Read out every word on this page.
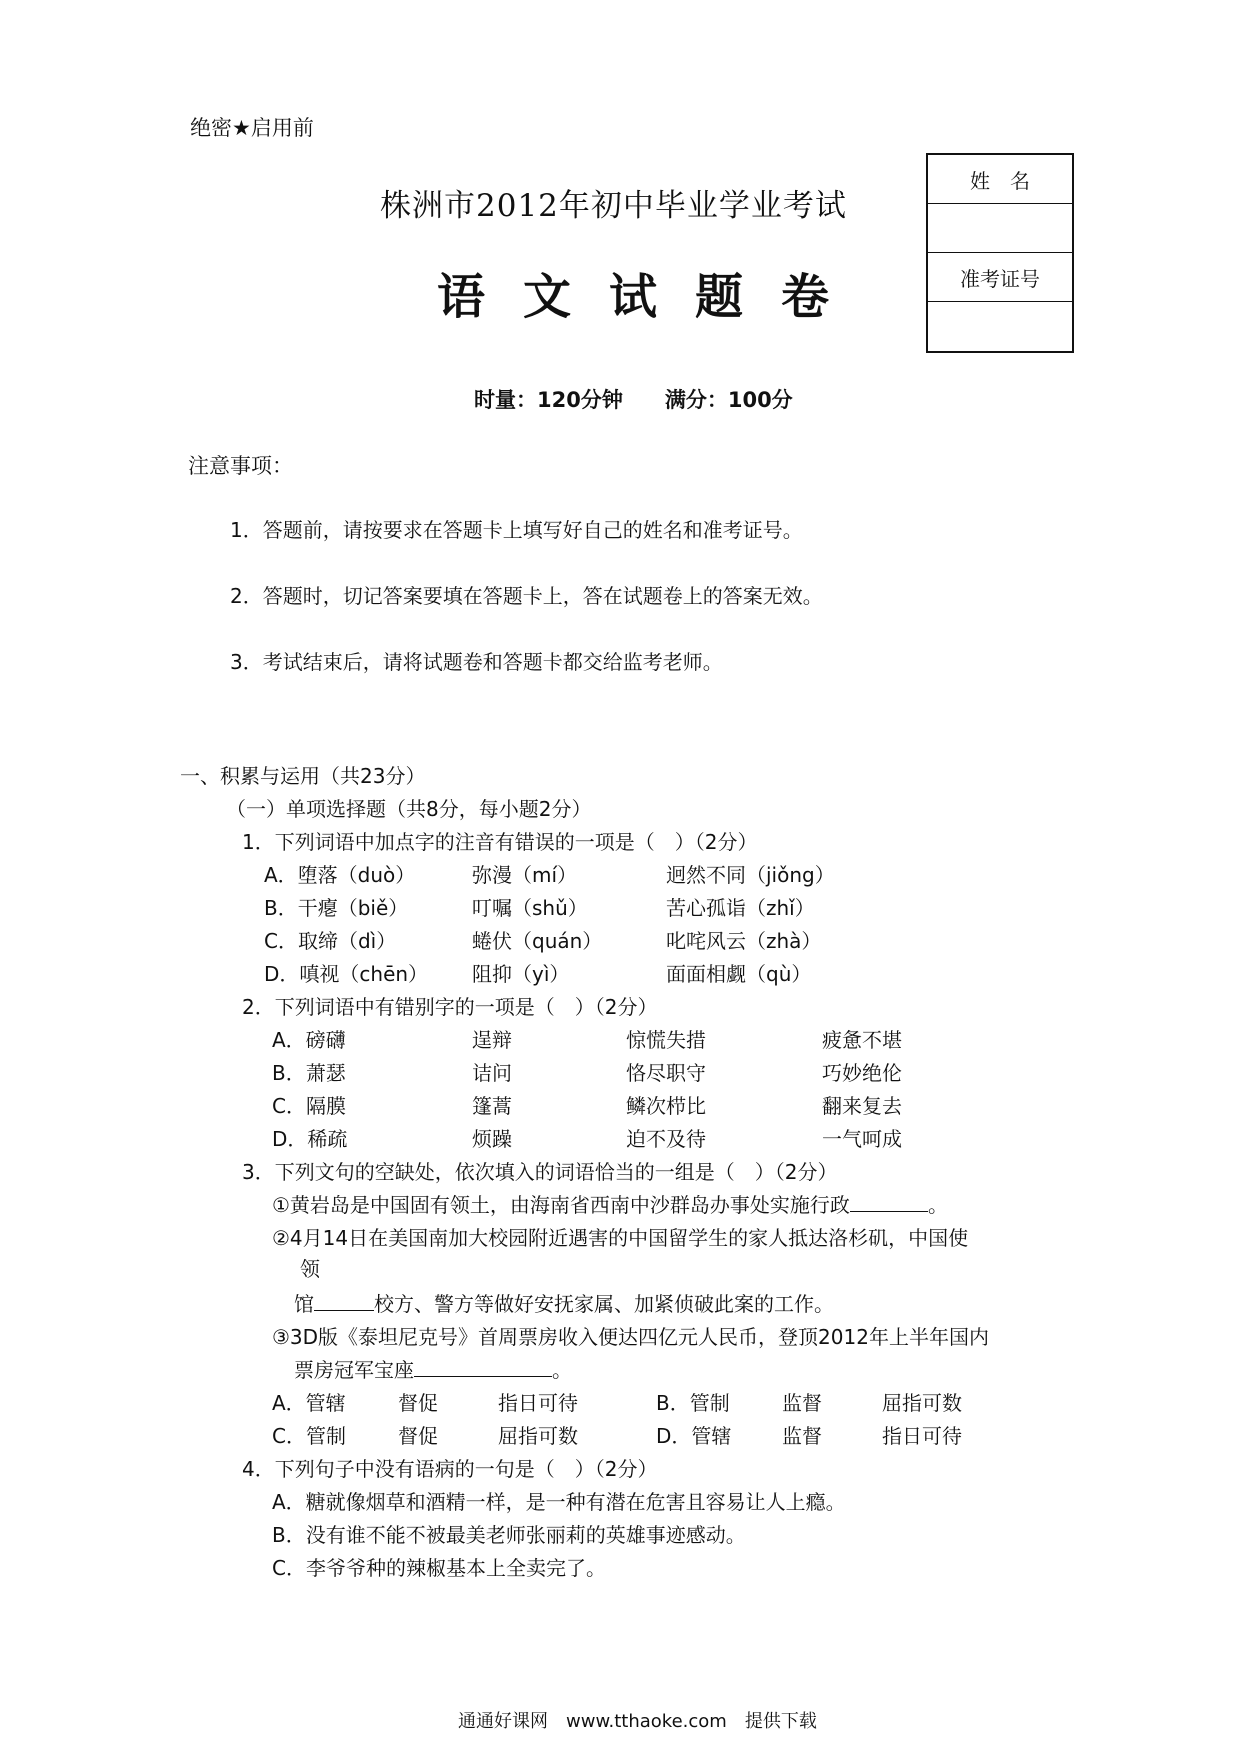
绝密★启用前
株洲市2012年初中毕业学业考试
语文试题卷
姓　名
准考证号
时量：120分钟　　 满分：100分
注意事项：
1．答题前，请按要求在答题卡上填写好自己的姓名和准考证号。
2．答题时，切记答案要填在答题卡上，答在试题卷上的答案无效。
3．考试结束后，请将试题卷和答题卡都交给监考老师。
一、积累与运用（共23分）
（一）单项选择题（共8分，每小题2分）
1．下列词语中加点字的注音有错误的一项是（　）（2分）
A．堕落（duò）	弥漫（mí）	迥然不同（jiǒng）
B．干瘪（biě）	叮嘱（shǔ）	苦心孤诣（zhǐ）
C．取缔（dì）	蜷伏（quán）	叱咤风云（zhà）
D．嗔视（chēn） 阻抑（yì）	面面相觑（qù）
2．下列词语中有错别字的一项是（　）（2分）
A．磅礴	逞辩	惊慌失措	疲惫不堪
B．萧瑟	诘问	恪尽职守	巧妙绝伦
C．隔膜	篷蒿	鳞次栉比	翻来复去
D．稀疏	烦躁	迫不及待	一气呵成
3．下列文句的空缺处，依次填入的词语恰当的一组是（　）（2分）
①黄岩岛是中国固有领土，由海南省西南中沙群岛办事处实施行政	。
②4月14日在美国南加大校园附近遇害的中国留学生的家人抵达洛杉矶，中国使
领
馆	校方、警方等做好安抚家属、加紧侦破此案的工作。
③3D版《泰坦尼克号》首周票房收入便达四亿元人民币，登顶2012年上半年国内
票房冠军宝座	。
A．管辖	督促	指日可待	B．管制	监督	屈指可数
C．管制	督促	屈指可数	D．管辖	监督	指日可待
4．下列句子中没有语病的一句是（　）（2分）
A．糖就像烟草和酒精一样，是一种有潜在危害且容易让人上瘾。
B．没有谁不能不被最美老师张丽莉的英雄事迹感动。
C．李爷爷种的辣椒基本上全卖完了。
通通好课网　www.tthaoke.com　提供下载
